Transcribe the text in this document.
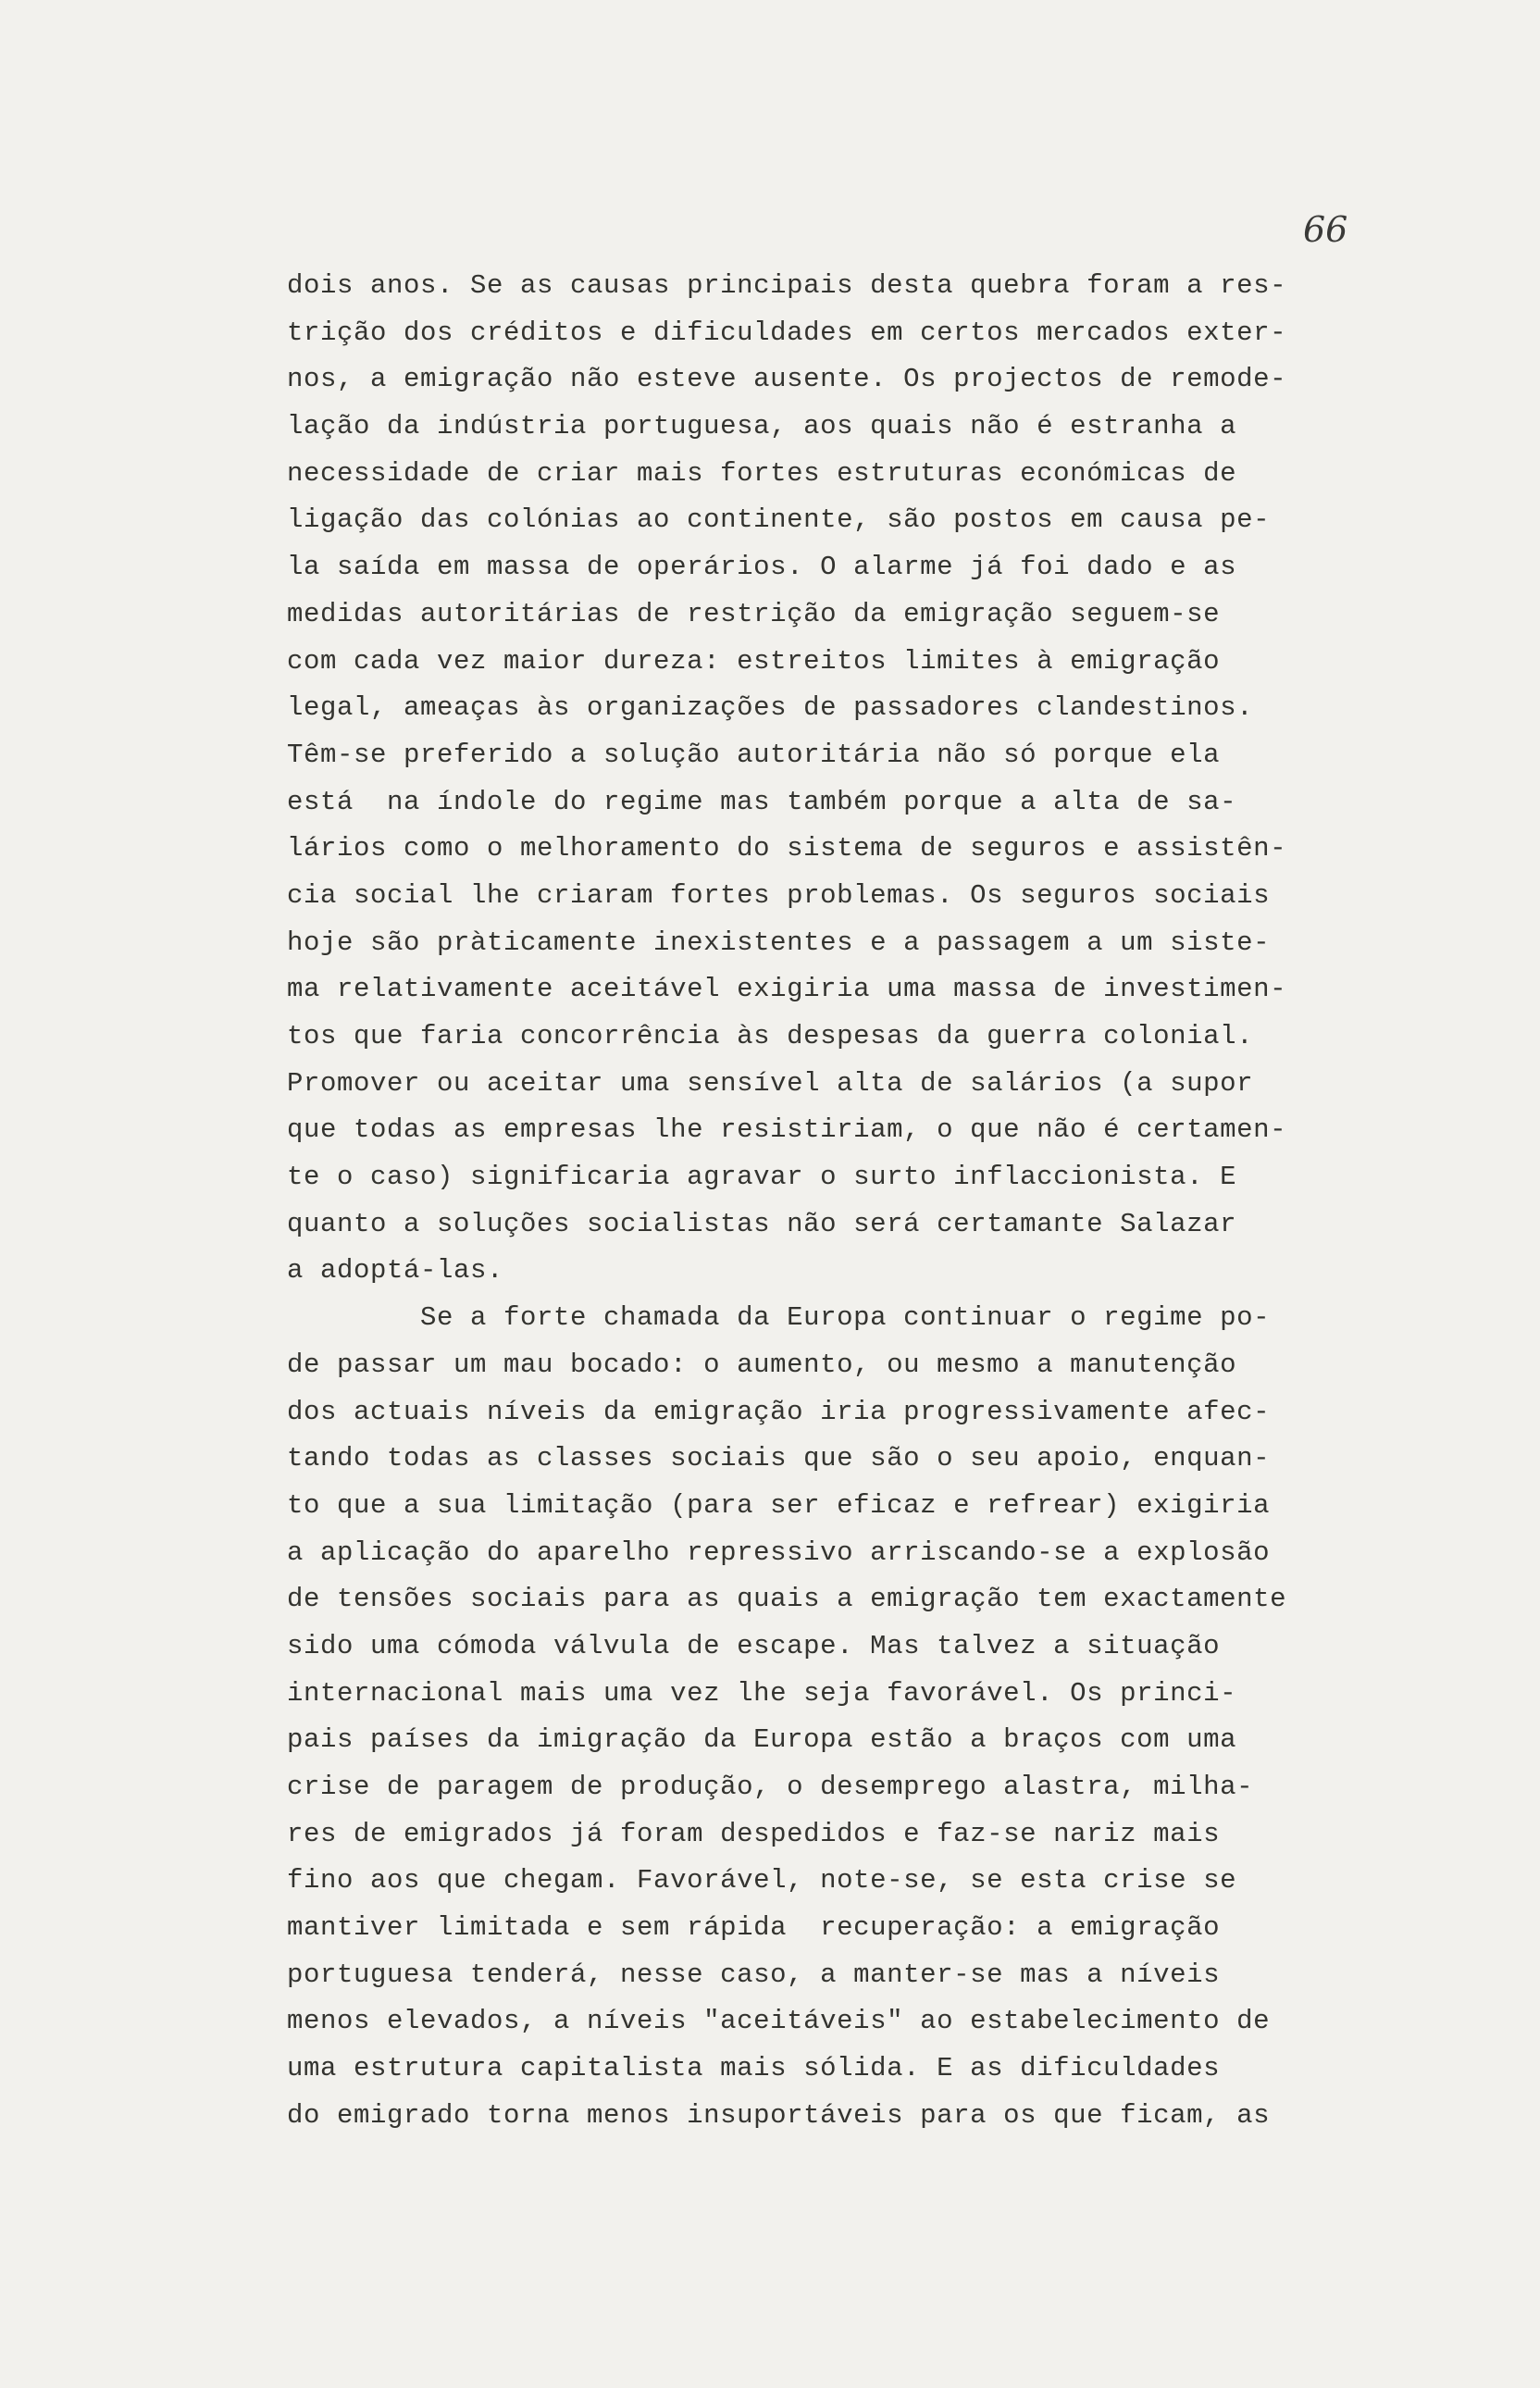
66
dois anos. Se as causas principais desta quebra foram a res-
trição dos créditos e dificuldades em certos mercados exter-
nos, a emigração não esteve ausente. Os projectos de remode-
lação da indústria portuguesa, aos quais não é estranha a
necessidade de criar mais fortes estruturas económicas de
ligação das colónias ao continente, são postos em causa pe-
la saída em massa de operários. O alarme já foi dado e as
medidas autoritárias de restrição da emigração seguem-se
com cada vez maior dureza: estreitos limites à emigração
legal, ameaças às organizações de passadores clandestinos.
Têm-se preferido a solução autoritária não só porque ela
está  na índole do regime mas também porque a alta de sa-
lários como o melhoramento do sistema de seguros e assistên-
cia social lhe criaram fortes problemas. Os seguros sociais
hoje são pràticamente inexistentes e a passagem a um siste-
ma relativamente aceitável exigiria uma massa de investimen-
tos que faria concorrência às despesas da guerra colonial.
Promover ou aceitar uma sensível alta de salários (a supor
que todas as empresas lhe resistiriam, o que não é certamen-
te o caso) significaria agravar o surto inflaccionista. E
quanto a soluções socialistas não será certamante Salazar
a adoptá-las.
Se a forte chamada da Europa continuar o regime po-
de passar um mau bocado: o aumento, ou mesmo a manutenção
dos actuais níveis da emigração iria progressivamente afec-
tando todas as classes sociais que são o seu apoio, enquan-
to que a sua limitação (para ser eficaz e refrear) exigiria
a aplicação do aparelho repressivo arriscando-se a explosão
de tensões sociais para as quais a emigração tem exactamente
sido uma cómoda válvula de escape. Mas talvez a situação
internacional mais uma vez lhe seja favorável. Os princi-
pais países da imigração da Europa estão a braços com uma
crise de paragem de produção, o desemprego alastra, milha-
res de emigrados já foram despedidos e faz-se nariz mais
fino aos que chegam. Favorável, note-se, se esta crise se
mantiver limitada e sem rápida  recuperação: a emigração
portuguesa tenderá, nesse caso, a manter-se mas a níveis
menos elevados, a níveis "aceitáveis" ao estabelecimento de
uma estrutura capitalista mais sólida. E as dificuldades
do emigrado torna menos insuportáveis para os que ficam, as
